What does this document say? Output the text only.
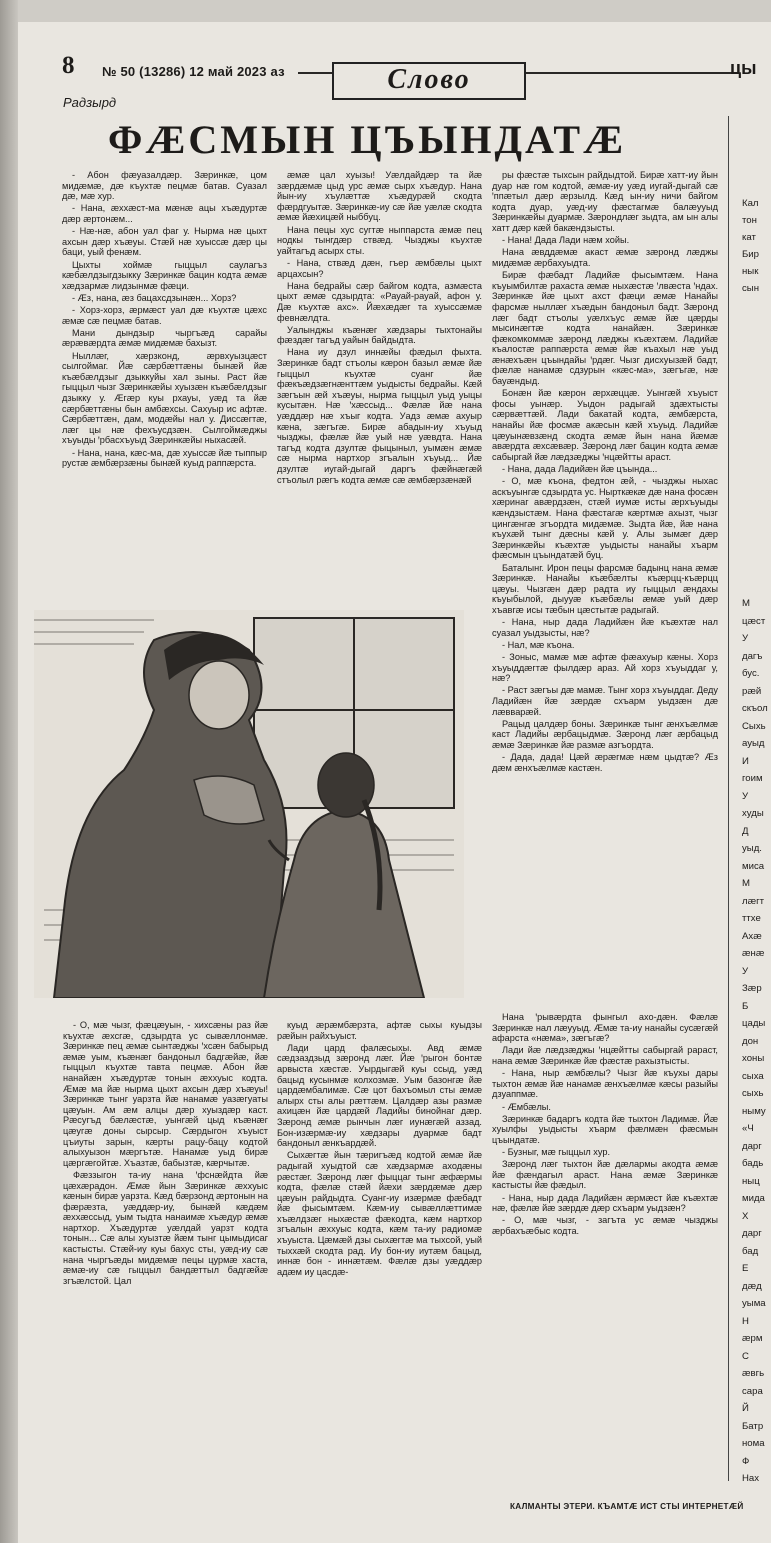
8 № 50 (13286) 12 май 2023 аз	Слово	цы
Радзырд
ФӔСМЫН ЦЪЫНДАТӔ

- Абон фæуазалдæр. Зæринкæ, цом мидæмæ, дæ къухтæ пецмæ батав. Суазал дæ, мæ хур.

- Нана, æххæст-ма мæнæ ацы хъæдуртæ дæр æртонæм...

- Нæ-нæ, абон уал фаг у. Нырма нæ цыхт ахсын дæр хъæуы. Стæй нæ хуыссæ дæр цы баци, уый фенæм.

Цыхты хоймæ гыццыл саулагъз кæбæлдзыгдзыкку Зæринкæ бацин кодта æмæ хæдзармæ лидзынмæ фæци.

- Æз, нана, æз бацахсдзынæн... Хорз?

- Хорз-хорз, æрмæст уал дæ къухтæ цæхс æмæ сæ пецмæ батав.

Мани дындзыр чыргъæд сарайы æрæвæрдта æмæ мидæмæ бахызт.

Ныллæг, хæрзконд, æрвхуызцæст сылгоймаг. Йæ сæрбæттæны бынæй йæ къæбæлдзыг дзыккуйы хал зыны. Раст йæ гыццыл чызг Зæринкæйы хуызæн къæбæлдзыг дзыкку у. Æгæр куы рхауы, уæд та йæ сæрбæттæны бын амбæхсы. Сахуыр ис афтæ. Сæрбæттæн, дам, модæйы нал у. Диссæгтæ, лæг цы нæ фехъусдзæн. Сылгоймæджы хъуыды ꞌрбасхъуыд Зæринкæйы ныхасæй.

- Нана, нана, кæс-ма, дæ хуыссæ йæ тыппыр рустæ æмбæрзæны бынæй куыд раппæрста.

æмæ цал хуызы! Уæлдайдæр та йæ зæрдæмæ цыд урс æмæ сырх хъæдур. Нана йын-иу хъулæттæ хъæдурæй скодта фæрдгуытæ. Зæринкæ-иу сæ йæ уæлæ скодта æмæ йæхицæй ныббуц.

Нана пецы хус сугтæ ныппарста æмæ пец нодкы тынгдæр ствæд. Чызджы къухтæ уайтагъд асырх сты.

- Нана, ствæд дæн, гъер æмбæлы цыхт арцахсын?

Нана бедрайы сæр байгом кодта, азмæста цыхт æмæ сдзырдта: «Рауай-рауай, афон у. Дæ къухтæ ахс». Йæхæдæг та хуыссæмæ февнæлдта.

Уалынджы къæнæг хæдзары тыхтонайы фæздæг тагъд уайын байдыдта.

Нана иу дзул иннæйы фæдыл фыхта. Зæринкæ бадт стъолы кæрон базыл æмæ йæ гыццыл къухтæ суанг йæ фæкъæдзæгнæнттæм уыдысты бедрайы. Кæй зæгъын æй хъæуы, нырма гыццыл уыд уыцы кусытæн. Нæ ꞌхæссыд... Фæлæ йæ нана уæддæр нæ хъыг кодта. Уадз æмæ ахуыр кæна, зæгъгæ. Бирæ абадын-иу хъуыд чызджы, фæлæ йæ уый нæ уæвдта. Нана тагъд кодта дзултæ фыцыныл, уымæн æмæ сæ нырма нартхор згъалын хъуыд... Йæ дзултæ иугай-дыгай даргъ фæйнæгæй стъолыл рæгъ кодта æмæ сæ æмбæрзæнæй

ры фæстæ тыхсын райдыдтой. Бирæ хатт-иу йын дуар нæ гом кодтой, æмæ-иу уæд иугай-дыгай сæ ꞌппæтыл дæр æрзылд. Кæд ын-иу ничи байгом кодта дуар, уæд-иу фæстагмæ балæууыд Зæринкæйы дуармæ. Зæрондлæг зыдта, ам ын алы хатт дæр кæй бакæндзысты.

- Нана! Дада Лади нæм хойы.

Нана æвддæмæ акаст æмæ зæронд лæджы мидæмæ æрбахуыдта.

Бирæ фæбадт Ладийæ фысымтæм. Нана къуымбилтæ рахаста æмæ ныхæстæ ꞌлвæста ꞌндах. Зæринкæ йæ цыхт ахст фæци æмæ Нанайы фарсмæ ныллæг хъæдын бандоныл бадт. Зæронд лæг бадт стъолы уæлхъус æмæ йæ цæрды мысинæгтæ кодта нанайæн. Зæринкæ фæкомкоммæ зæронд лæджы къæхтæм. Ладийæ къалостæ раппæрста æмæ йæ къахыл нæ уыд æнæхъæн цъындайы ꞌрдæг. Чызг дисхуызæй бадт, фæлæ нанамæ сдзурын «кæс-ма», зæгъгæ, нæ бауæндыд.

Бонæн йæ кæрон æрхæццæ. Уынгæй хъуыст фосы уынæр. Уыдон радыгай здæхтысты сæрвæттæй. Лади бакатай кодта, æмбæрста, нанайы йæ фосмæ акæсын кæй хъуыд. Ладийæ цæуынæвзæнд скодта æмæ йын нана йæмæ авæрдта æхсæвæр. Зæронд лæг бацин кодта æмæ сабыргай йæ лæдзæджы ꞌнцæйтты араст.

- Нана, дада Ладийæн йæ цъында...

- О, мæ къона, федтон æй, - чызджы ныхас аскъуынгæ сдзырдта ус. Нырткæкæ дæ нана фосæн хæринаг авæрдзæн, стæй иумæ исты æрхъуыды кæндзыстæм. Нана фæстагæ кæртмæ ахызт, чызг цингæнгæ згъордта мидæмæ. Зыдта йæ, йæ нана къухæй тынг дæсны кæй у. Алы зымæг дæр Зæринкæйы къæхтæ уыдысты нанайы хъарм фæсмын цъындатæй буц.

Баталынг. Ирон пецы фарсмæ бадынц нана æмæ Зæринкæ. Нанайы къæбæлты къæрцц-къæрцц цæуы. Чызгæн дæр радта иу гыццыл æндахы къуыбылой, дыууæ къæбæлы æмæ уый дæр хъавгæ исы тæбын цæстытæ радыгай.

- Нана, ныр дада Ладийæн йæ къæхтæ нал суазал уыдзысты, нæ?

- Нал, мæ къона.

- Зоныс, мамæ мæ афтæ фæахуыр кæны. Хорз хъуыддæгтæ фылдæр араз. Ай хорз хъуыддаг у, нæ?

- Раст зæгъы дæ мамæ. Тынг хорз хъуыддаг. Деду Ладийæн йæ зæрдæ схъарм уыдзæн дæ лæвварæй.

Рацыд цалдæр боны. Зæринкæ тынг æнхъæлмæ каст Ладийы æрбацыдмæ. Зæронд лæг æрбацыд æмæ Зæринкæ йæ размæ азгъордта.

- Дада, дада! Цæй æрæгмæ нæм цыдтæ? Æз дæм æнхъæлмæ кастæн.

- О, мæ чызг, фæцæуын, - хихсæны раз йæ къухтæ æхсгæ, сдзырдта ус сывæллонмæ. Зæринкæ пец æмæ сынтæджы ꞌхсæн бабырыд æмæ уым, къæнæг бандоныл бадгæйæ, йæ гыццыл къухтæ тавта пецмæ. Абон йæ нанайæн хъæдуртæ тонын æххуыс кодта. Æмæ ма йæ нырма цыхт ахсын дæр хъæуы! Зæринкæ тынг уарзта йæ нанамæ уазæгуаты цæуын. Ам æм алцы дæр хуыздæр каст. Рæсугъд бæлæстæ, уынгæй цыд къæнæг цæугæ доны сырсыр. Сæрдыгон хъуыст цъиуты зарын, кæрты рацу-бацу кодтой алыхуызон мæргътæ. Нанамæ уыд бирæ цæргæгойтæ. Хъазтæ, бабызтæ, кæрчытæ.

Фæззыгон та-иу нана ꞌфснæйдта йæ цæхæрадон. Æмæ йын Зæринкæ æххуыс кæнын бирæ уарзта. Кæд бæрзонд æртонын на фæрæзта, уæддæр-иу, бынæй кæдæм æххæссыд, уым тыдта нанаимæ хъæдур æмæ нартхор. Хъæдуртæ уæлдай уарзт кодта тонын... Сæ алы хуызтæ йæм тынг цымыдисаг кастысты. Стæй-иу куы бахус сты, уæд-иу сæ нана чыргъæды мидæмæ пецы цурмæ хаста, æмæ-иу сæ гыццыл бандæттыл бадгæйæ згъæлстой. Цал

куыд æрæмбæрзта, афтæ сыхы куыдзы рæйын райхъуыст.

Лади цард фалæсыхы. Авд æмæ сæдзаздзыд зæронд лæг. Йæ ꞌрыгон бонтæ арвыста хæстæ. Уырдыгæй куы ссыд, уæд бацыд кусынмæ колхозмæ. Уым базонгæ йæ цардæмбалимæ. Сæ цот бахъомыл сты æмæ алырх сты алы рæттæм. Цалдæр азы размæ ахицæн йæ цардæй Ладийы бинойнаг дæр. Зæронд æмæ рынчын лæг иунæгæй аззад. Бон-изæрмæ-иу хæдзары дуармæ бадт бандоныл æнкъардæй.

Сыхæгтæ йын тæригъæд кодтой æмæ йæ радыгай хуыдтой сæ хæдзармæ аходæны рæстæг. Зæронд лæг фыццаг тынг æфæрмы кодта, фæлæ стæй йæхи зæрдæмæ дæр цæуын райдыдта. Суанг-иу изæрмæ фæбадт йæ фысымтæм. Кæм-иу сывæллæттимæ хъæлдзæг ныхæстæ фæкодта, кæм нартхор згъалын æххуыс кодта, кæм та-иу радиомæ хъуыста. Цæмæй дзы сыхæгтæ ма тыхсой, уый тыххæй скодта рад. Иу бон-иу иутæм бацыд, иннæ бон - иннæтæм. Фæлæ дзы уæддæр адæм иу цасдæ-

Нана ꞌрывæрдта фынгыл ахо-дæн. Фæлæ Зæринкæ нал лæууыд. Æмæ та-иу нанайы сусæгæй афарста «нæма», зæгъгæ?

Лади йæ лæдзæджы ꞌнцæйтты сабыргай рараст, нана æмæ Зæринкæ йæ фæстæ рахызтысты.

- Нана, ныр æмбæлы? Чызг йæ къухы дары тыхтон æмæ йæ нанамæ æнхъæлмæ кæсы разыйы дзуаппмæ.

- Æмбæлы.

Зæринкæ бадаргъ кодта йæ тыхтон Ладимæ. Йæ хуылфы уыдысты хъарм фæлмæн фæсмын цъындатæ.

- Бузныг, мæ гыццыл хур.

Зæронд лæг тыхтон йæ дæлармы акодта æмæ йæ фæндагыл араст. Нана æмæ Зæринкæ кастысты йæ фæдыл.

- Нана, ныр дада Ладийæн æрмæст йæ къæхтæ нæ, фæлæ йæ зæрдæ дæр схъарм уыдзæн?

- О, мæ чызг, - загъта ус æмæ чызджы æрбахъæбыс кодта.

КАЛМАНТЫ ЭТЕРИ. КЪАМТÆ ИСТ СТЫ ИНТЕРНЕТÆЙ
Кал
тон
кат
Бир
нык
сын
М
цæст
У
дагъ
бус.
рæй
скъол
Сыхь
ауыд
И
гоим
У
худы
Д
уыд.
миса
М
лæгт
ттхе
Ахæ
æнæ
У
Зæр
Б
цады
дон
хоны
сыха
сыхь
ныму
«Ч
дарг
бадь
ныц
мида
Х
дарг
бад
Е
дæд
уыма
Н
æрм
С
æвгь
сара
Й
Батр
нома
Ф
Нах
